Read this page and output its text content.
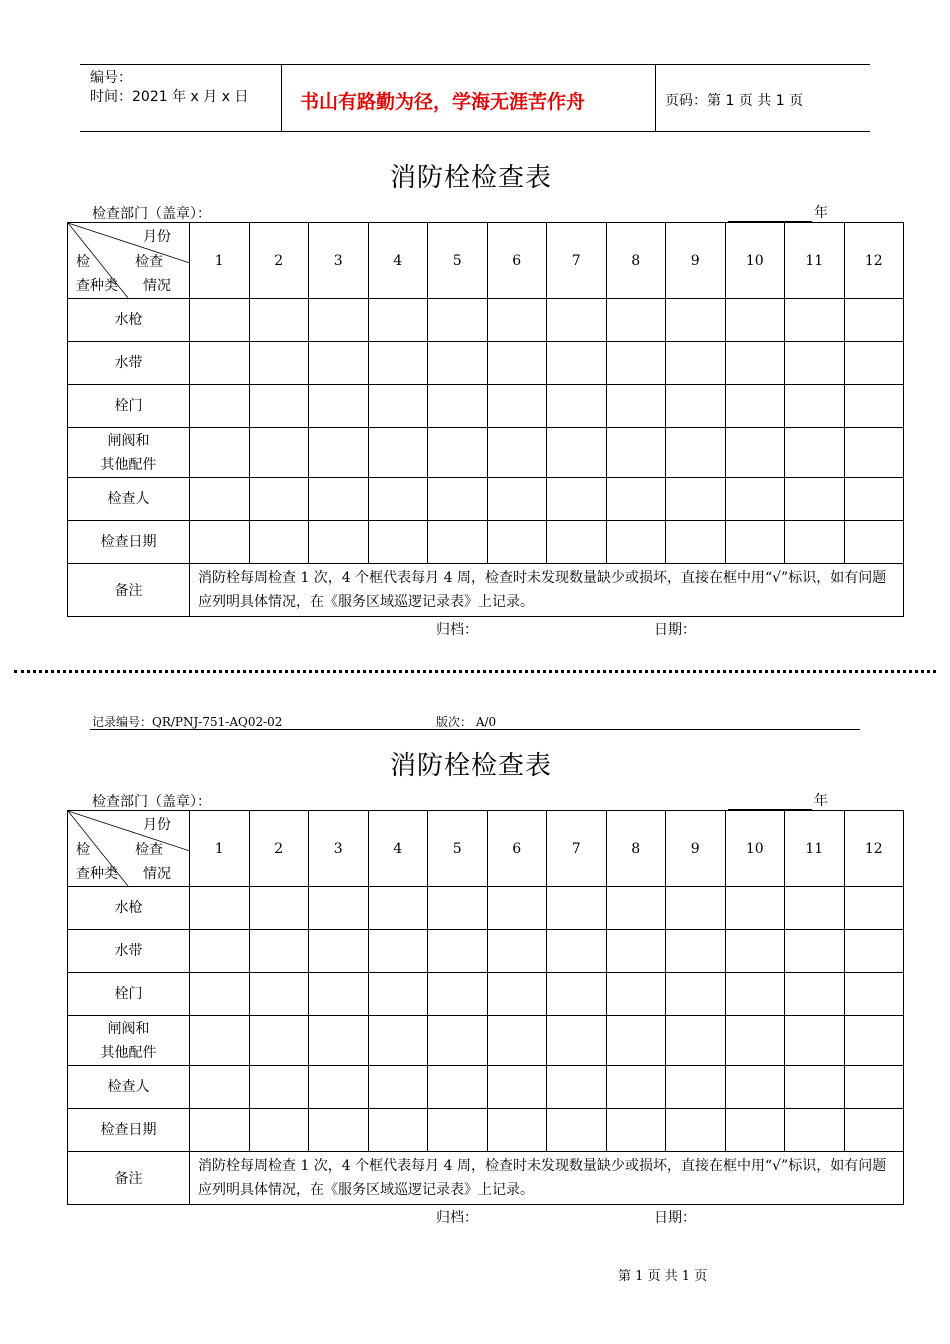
编号：
时间：2021 年 x 月 x 日	书山有路勤为径，学海无涯苦作舟	页码：第 1 页 共 1 页
消防栓检查表
检查部门（盖章）：	年
月份
检 检查
查种类 情况	1	2	3	4	5	6	7	8	9	10	11	12

水枪												

水带												

栓门												

闸阀和
其他配件												

检查人												

检查日期												

备注	消防栓每周检查 1 次，4 个框代表每月 4 周，检查时未发现数量缺少或损坏，直接在框中用“√”标识，如有问题应列明具体情况，在《服务区域巡逻记录表》上记录。											
归档：	日期：
记录编号：QR/PNJ-751-AQ02-02	版次： A/0
消防栓检查表
检查部门（盖章）：	年
月份
检 检查
查种类 情况	1	2	3	4	5	6	7	8	9	10	11	12

水枪												

水带												

栓门												

闸阀和
其他配件												

检查人												

检查日期												

备注	消防栓每周检查 1 次，4 个框代表每月 4 周，检查时未发现数量缺少或损坏，直接在框中用“√”标识，如有问题应列明具体情况，在《服务区域巡逻记录表》上记录。											
归档：	日期：
第 1 页 共 1 页
